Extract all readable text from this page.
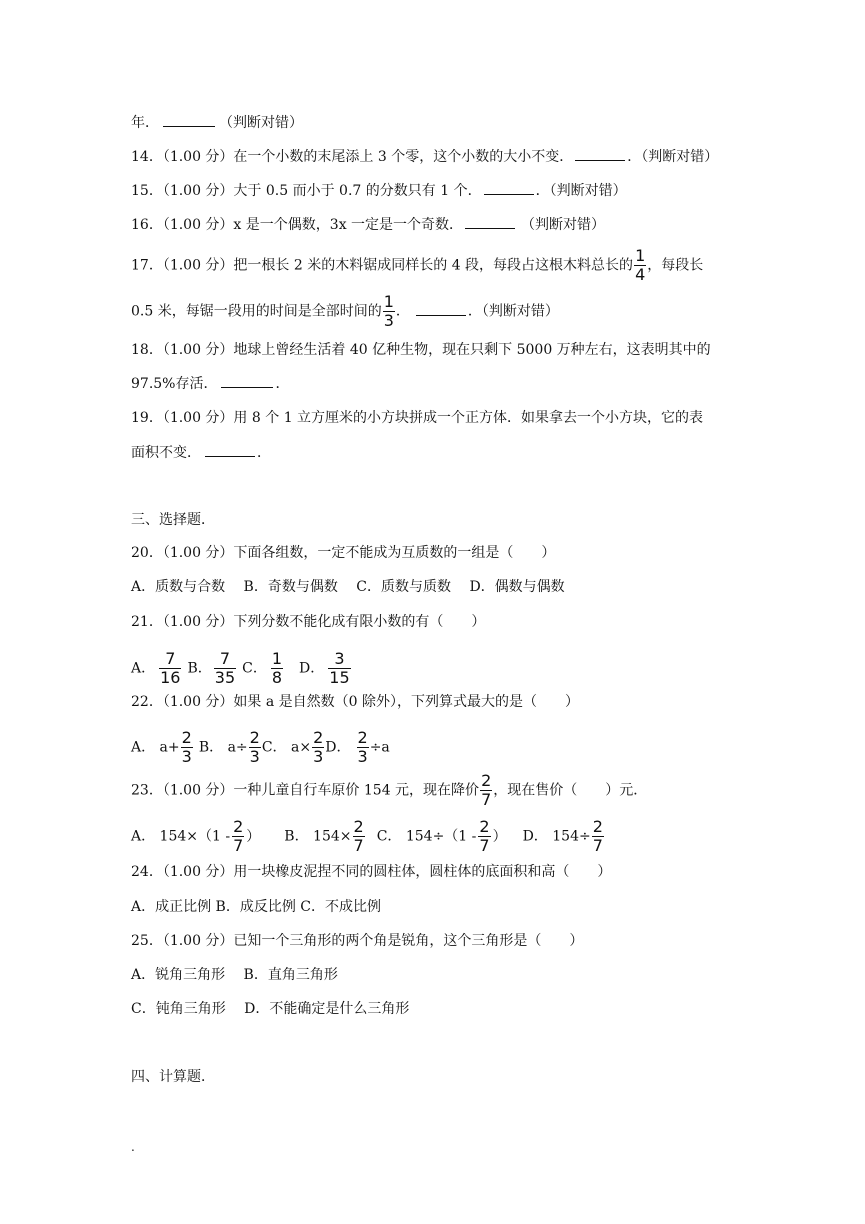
年．	（判断对错）
14．（1.00 分）在一个小数的末尾添上 3 个零，这个小数的大小不变．	．（判断对错）
15．（1.00 分）大于 0.5 而小于 0.7 的分数只有 1 个．	．（判断对错）
16．（1.00 分）x 是一个偶数，3x 一定是一个奇数．	（判断对错）
17．（1.00 分）把一根长 2 米的木料锯成同样长的 4 段，每段占这根木料总长的 $\frac{1}{4}$ ，每段长
0.5 米，每锯一段用的时间是全部时间的 $\frac{1}{3}$ ．	．（判断对错）
18．（1.00 分）地球上曾经生活着 40 亿种生物，现在只剩下 5000 万种左右，这表明其中的
97.5%存活．	．
19．（1.00 分）用 8 个 1 立方厘米的小方块拼成一个正方体．如果拿去一个小方块，它的表
面积不变．	．
三、选择题．
20．（1.00 分）下面各组数，一定不能成为互质数的一组是（　　）
A．质数与合数　 B．奇数与偶数　 C．质数与质数　 D．偶数与偶数
21．（1.00 分）下列分数不能化成有限小数的有（　　）
A． $\frac{7}{16}$ B． $\frac{7}{35}$ C． $\frac{1}{8}$ D． $\frac{3}{15}$
22．（1.00 分）如果 a 是自然数（0 除外），下列算式最大的是（　　）
A． $a+ \frac{2}{3}$ B． $a\div \frac{2}{3}$ C． $a\times \frac{2}{3}$ D． $\frac{2}{3} \div a$
23．（1.00 分）一种儿童自行车原价 154 元，现在降价 $\frac{2}{7}$ ，现在售价（　　）元．
A． $154\times(1 - \frac{2}{7}$ ） B． $154\times \frac{2}{7}$ C． $154\div(1 - \frac{2}{7}$ ） D． $154\div \frac{2}{7}$
24．（1.00 分）用一块橡皮泥捏不同的圆柱体，圆柱体的底面积和高（　　）
A．成正比例 B．成反比例 C．不成比例
25．（1.00 分）已知一个三角形的两个角是锐角，这个三角形是（　　）
A．锐角三角形　 B．直角三角形
C．钝角三角形　 D．不能确定是什么三角形
四、计算题．
.
